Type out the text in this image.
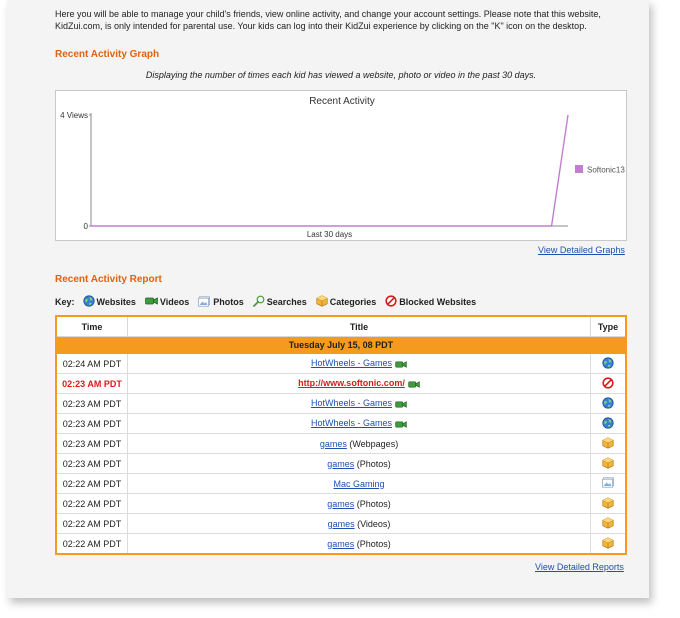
Here you will be able to manage your child's friends, view online activity, and change your account settings. Please note that this website, KidZui.com, is only intended for parental use. Your kids can log into their KidZui experience by clicking on the "K" icon on the desktop.
Recent Activity Graph
Displaying the number of times each kid has viewed a website, photo or video in the past 30 days.
Recent Activity
0
4 Views
Last 30 days
Softonic13
View Detailed Graphs
Recent Activity Report
Key: Websites	Videos	Photos	Searches	Categories	Blocked Websites
Time	Title	Type
Tuesday July 15, 08 PDT		
02:24 AM PDT	HotWheels - Games	
02:23 AM PDT	http://www.softonic.com/	
02:23 AM PDT	HotWheels - Games	
02:23 AM PDT	HotWheels - Games	
02:23 AM PDT	games (Webpages)	
02:23 AM PDT	games (Photos)	
02:22 AM PDT	Mac Gaming	
02:22 AM PDT	games (Photos)	
02:22 AM PDT	games (Videos)	
02:22 AM PDT	games (Photos)	
View Detailed Reports
